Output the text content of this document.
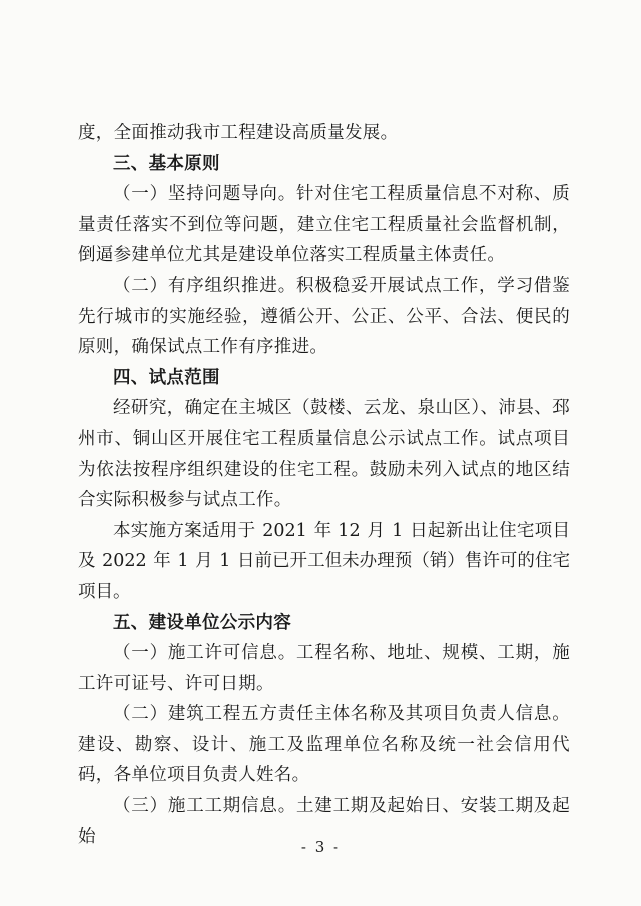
度，全面推动我市工程建设高质量发展。

三、基本原则

（一）坚持问题导向。针对住宅工程质量信息不对称、质量责任落实不到位等问题，建立住宅工程质量社会监督机制，倒逼参建单位尤其是建设单位落实工程质量主体责任。

（二）有序组织推进。积极稳妥开展试点工作，学习借鉴先行城市的实施经验，遵循公开、公正、公平、合法、便民的原则，确保试点工作有序推进。

四、试点范围

经研究，确定在主城区（鼓楼、云龙、泉山区）、沛县、邳州市、铜山区开展住宅工程质量信息公示试点工作。试点项目为依法按程序组织建设的住宅工程。鼓励未列入试点的地区结合实际积极参与试点工作。

本实施方案适用于 2021 年 12 月 1 日起新出让住宅项目及 2022 年 1 月 1 日前已开工但未办理预（销）售许可的住宅项目。

五、建设单位公示内容

（一）施工许可信息。工程名称、地址、规模、工期，施工许可证号、许可日期。

（二）建筑工程五方责任主体名称及其项目负责人信息。建设、勘察、设计、施工及监理单位名称及统一社会信用代码，各单位项目负责人姓名。

（三）施工工期信息。土建工期及起始日、安装工期及起始

- 3 -
